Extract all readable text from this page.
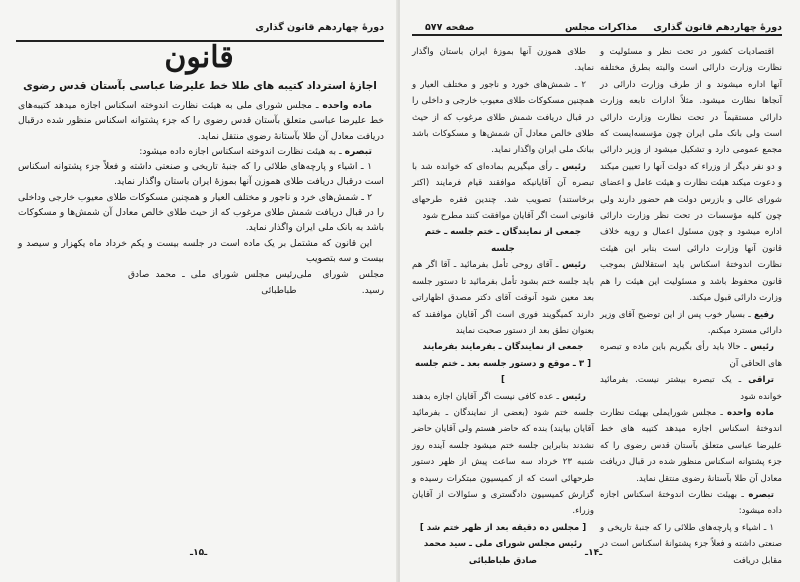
دورهٔ چهاردهم قانون گذاری
قانون
اجازهٔ استرداد کتیبه های طلا خط علیرضا عباسی بآستان قدس رضوی

ماده واحده ـ مجلس شورای ملی به هیئت نظارت اندوخته اسکناس اجازه میدهد کتیبه‌های خط علیرضا عباسی متعلق بآستان قدس رضوی را که جزء پشتوانه اسکناس منظور شده درقبال دریافت معادل آن طلا بآستانهٔ رضوی منتقل نماید.

تبصره ـ به هیئت نظارت اندوخته اسکناس اجازه داده میشود:

۱ ـ اشیاء و پارچه‌های طلائی را که جنبهٔ تاریخی و صنعتی داشته و فعلاً جزء پشتوانه اسکناس است درقبال دریافت طلای هموزن آنها بموزهٔ ایران باستان واگذار نماید.

۲ ـ شمش‌های خرد و ناجور و مختلف العیار و همچنین مسکوکات طلای معیوب خارجی وداخلی را در قبال دریافت شمش طلای مرغوب که از حیث طلای خالص معادل آن شمش‌ها و مسکوکات باشد به بانک ملی ایران واگذار نماید.

این قانون که مشتمل بر یک ماده است در جلسه بیست و یکم خرداد ماه یکهزار و سیصد و بیست و سه بتصویب

مجلس شورای ملی رسید.
رئیس مجلس شورای ملی ـ محمد صادق طباطبائی
ـ۱۵ـ
دورهٔ چهاردهم قانون گذاری
مذاکرات مجلس
صفحه ۵۷۷

اقتصادیات کشور در تحت نظر و مسئولیت و نظارت وزارت دارائی است والبته بطرق مختلفه آنها اداره میشوند و از طرف وزارت دارائی در آنجاها نظارت میشود. مثلاً ادارات تابعه وزارت دارائی مستقیماً در تحت نظارت وزارت دارائی است ولی بانک ملی ایران چون مؤسسه‌ایست که مجمع عمومی دارد و تشکیل میشود از وزیر دارائی و دو نفر دیگر از وزراء که دولت آنها را تعیین میکند و دعوت میکند هیئت نظارت و هیئت عامل و اعضای شورای عالی و بازرس دولت هم حضور دارند ولی چون کلیه مؤسسات در تحت نظر وزارت دارائی اداره میشود و چون مسئول اعمال و رویه خلاف قانون آنها وزارت دارائی است بنابر این هیئت نظارت اندوختهٔ اسکناس باید استقلالش بموجب قانون محفوظ باشد و مسئولیت این هیئت را هم وزارت دارائی قبول میکند.

رفیع ـ بسیار خوب پس از این توضیح آقای وزیر دارائی مسترد میکنم.

رئیس ـ حالا باید رأی بگیریم باین ماده و تبصره های الحاقی آن

تراقی ـ یک تبصره بیشتر نیست. بفرمائید خوانده شود

ماده واحده ـ مجلس شورایملی بهیئت نظارت اندوختهٔ اسکناس اجازه میدهد کتیبه های خط علیرضا عباسی متعلق بآستان قدس رضوی را که جزء پشتوانه اسکناس منظور شده در قبال دریافت معادل آن طلا بآستانهٔ رضوی منتقل نماید.

تبصره ـ بهیئت نظارت اندوختهٔ اسکناس اجازه داده میشود:

۱ ـ اشیاء و پارچه‌های طلائی را که جنبهٔ تاریخی و صنعتی داشته و فعلاً جزء پشتوانهٔ اسکناس است در مقابل دریافت

طلای هموزن آنها بموزهٔ ایران باستان واگذار نماید.

۲ ـ شمش‌های خورد و ناجور و مختلف العیار و همچنین مسکوکات طلای معیوب خارجی و داخلی را در قبال دریافت شمش طلای مرغوب که از حیث طلای خالص معادل آن شمش‌ها و مسکوکات باشد ببانک ملی ایران واگذار نماید.

رئیس ـ رأی میگیریم بماده‌ای که خوانده شد با تبصره آن آقایانیکه موافقند قیام فرمایند (اکثر برخاستند) تصویب شد. چندین فقره طرحهای قانونی است اگر آقایان موافقت کنند مطرح شود

جمعی از نمایندگان ـ ختم جلسه ـ ختم جلسه

رئیس ـ آقای روحی تأمل بفرمائید ـ آقا اگر هم باید جلسه ختم بشود تأمل بفرمائید تا دستور جلسه بعد معین شود آنوقت آقای دکتر مصدق اظهاراتی دارند کمیگویند فوری است اگر آقایان موافقند که بعنوان نطق بعد از دستور صحبت نمایند

جمعی از نمایندگان ـ بفرمایند بفرمایند

[ ۳ ـ موقع و دستور جلسه بعد ـ ختم جلسه ]

رئیس ـ عده کافی نیست اگر آقایان اجازه بدهند جلسه ختم شود (بعضی از نمایندگان ـ بفرمائید آقایان بیایند) بنده که حاضر هستم ولی آقایان حاضر نشدند بنابراین جلسه ختم میشود جلسه آینده روز شنبه ۲۳ خرداد سه ساعت پیش از ظهر دستور طرحهائی است که از کمیسیون مبتکرات رسیده و گزارش کمیسیون دادگستری و سئوالات از آقایان وزراء.

[ مجلس ده دقیقه بعد از ظهر ختم شد ]

رئیس مجلس شورای ملی ـ سید محمد صادق طباطبائی

ـ۱۴ـ
